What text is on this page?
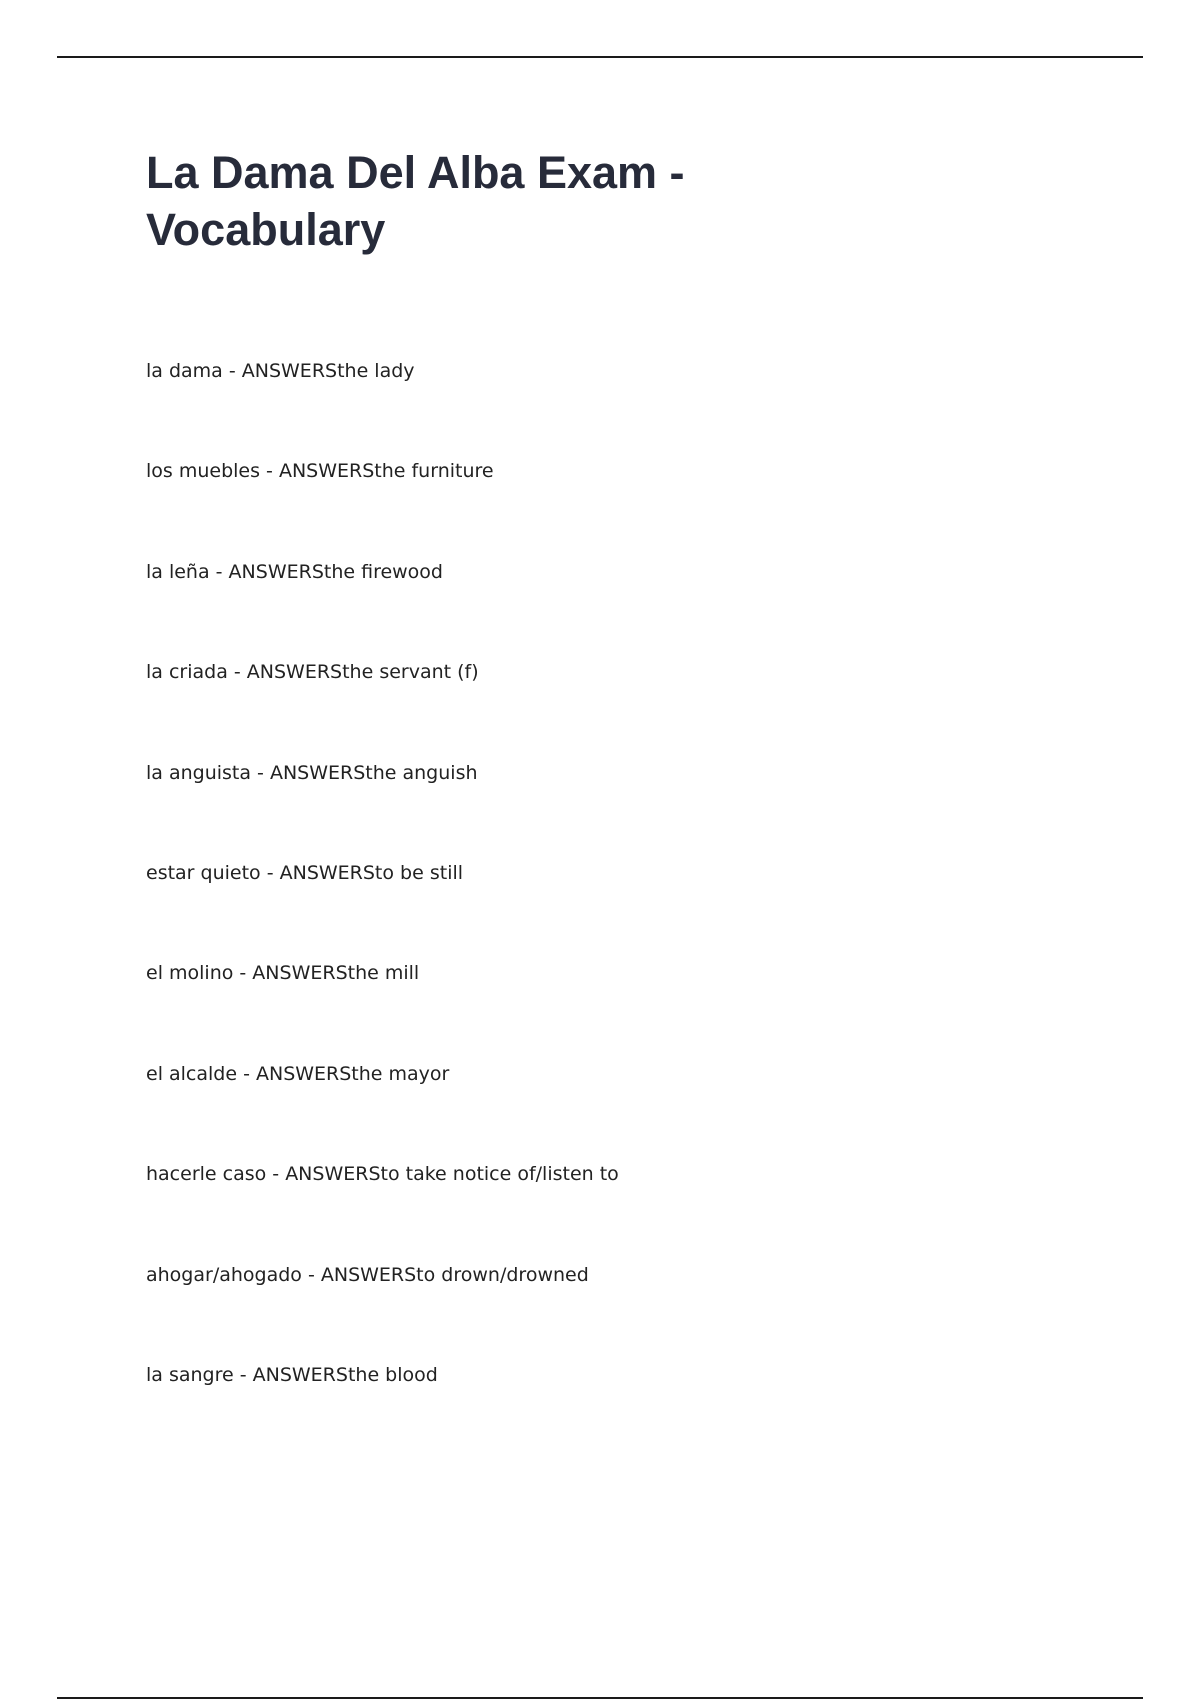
La Dama Del Alba Exam - Vocabulary
la dama - ANSWERSthe lady
los muebles - ANSWERSthe furniture
la leña - ANSWERSthe firewood
la criada - ANSWERSthe servant (f)
la anguista - ANSWERSthe anguish
estar quieto - ANSWERSto be still
el molino - ANSWERSthe mill
el alcalde - ANSWERSthe mayor
hacerle caso - ANSWERSto take notice of/listen to
ahogar/ahogado - ANSWERSto drown/drowned
la sangre - ANSWERSthe blood
